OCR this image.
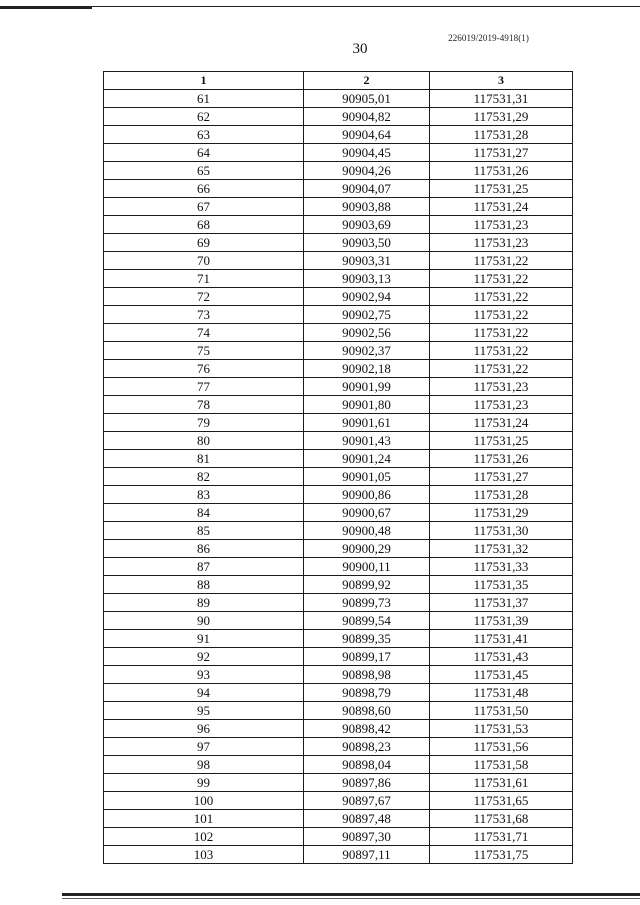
226019/2019-4918(1)
30
1	2	3
61	90905,01	117531,31
62	90904,82	117531,29
63	90904,64	117531,28
64	90904,45	117531,27
65	90904,26	117531,26
66	90904,07	117531,25
67	90903,88	117531,24
68	90903,69	117531,23
69	90903,50	117531,23
70	90903,31	117531,22
71	90903,13	117531,22
72	90902,94	117531,22
73	90902,75	117531,22
74	90902,56	117531,22
75	90902,37	117531,22
76	90902,18	117531,22
77	90901,99	117531,23
78	90901,80	117531,23
79	90901,61	117531,24
80	90901,43	117531,25
81	90901,24	117531,26
82	90901,05	117531,27
83	90900,86	117531,28
84	90900,67	117531,29
85	90900,48	117531,30
86	90900,29	117531,32
87	90900,11	117531,33
88	90899,92	117531,35
89	90899,73	117531,37
90	90899,54	117531,39
91	90899,35	117531,41
92	90899,17	117531,43
93	90898,98	117531,45
94	90898,79	117531,48
95	90898,60	117531,50
96	90898,42	117531,53
97	90898,23	117531,56
98	90898,04	117531,58
99	90897,86	117531,61
100	90897,67	117531,65
101	90897,48	117531,68
102	90897,30	117531,71
103	90897,11	117531,75
